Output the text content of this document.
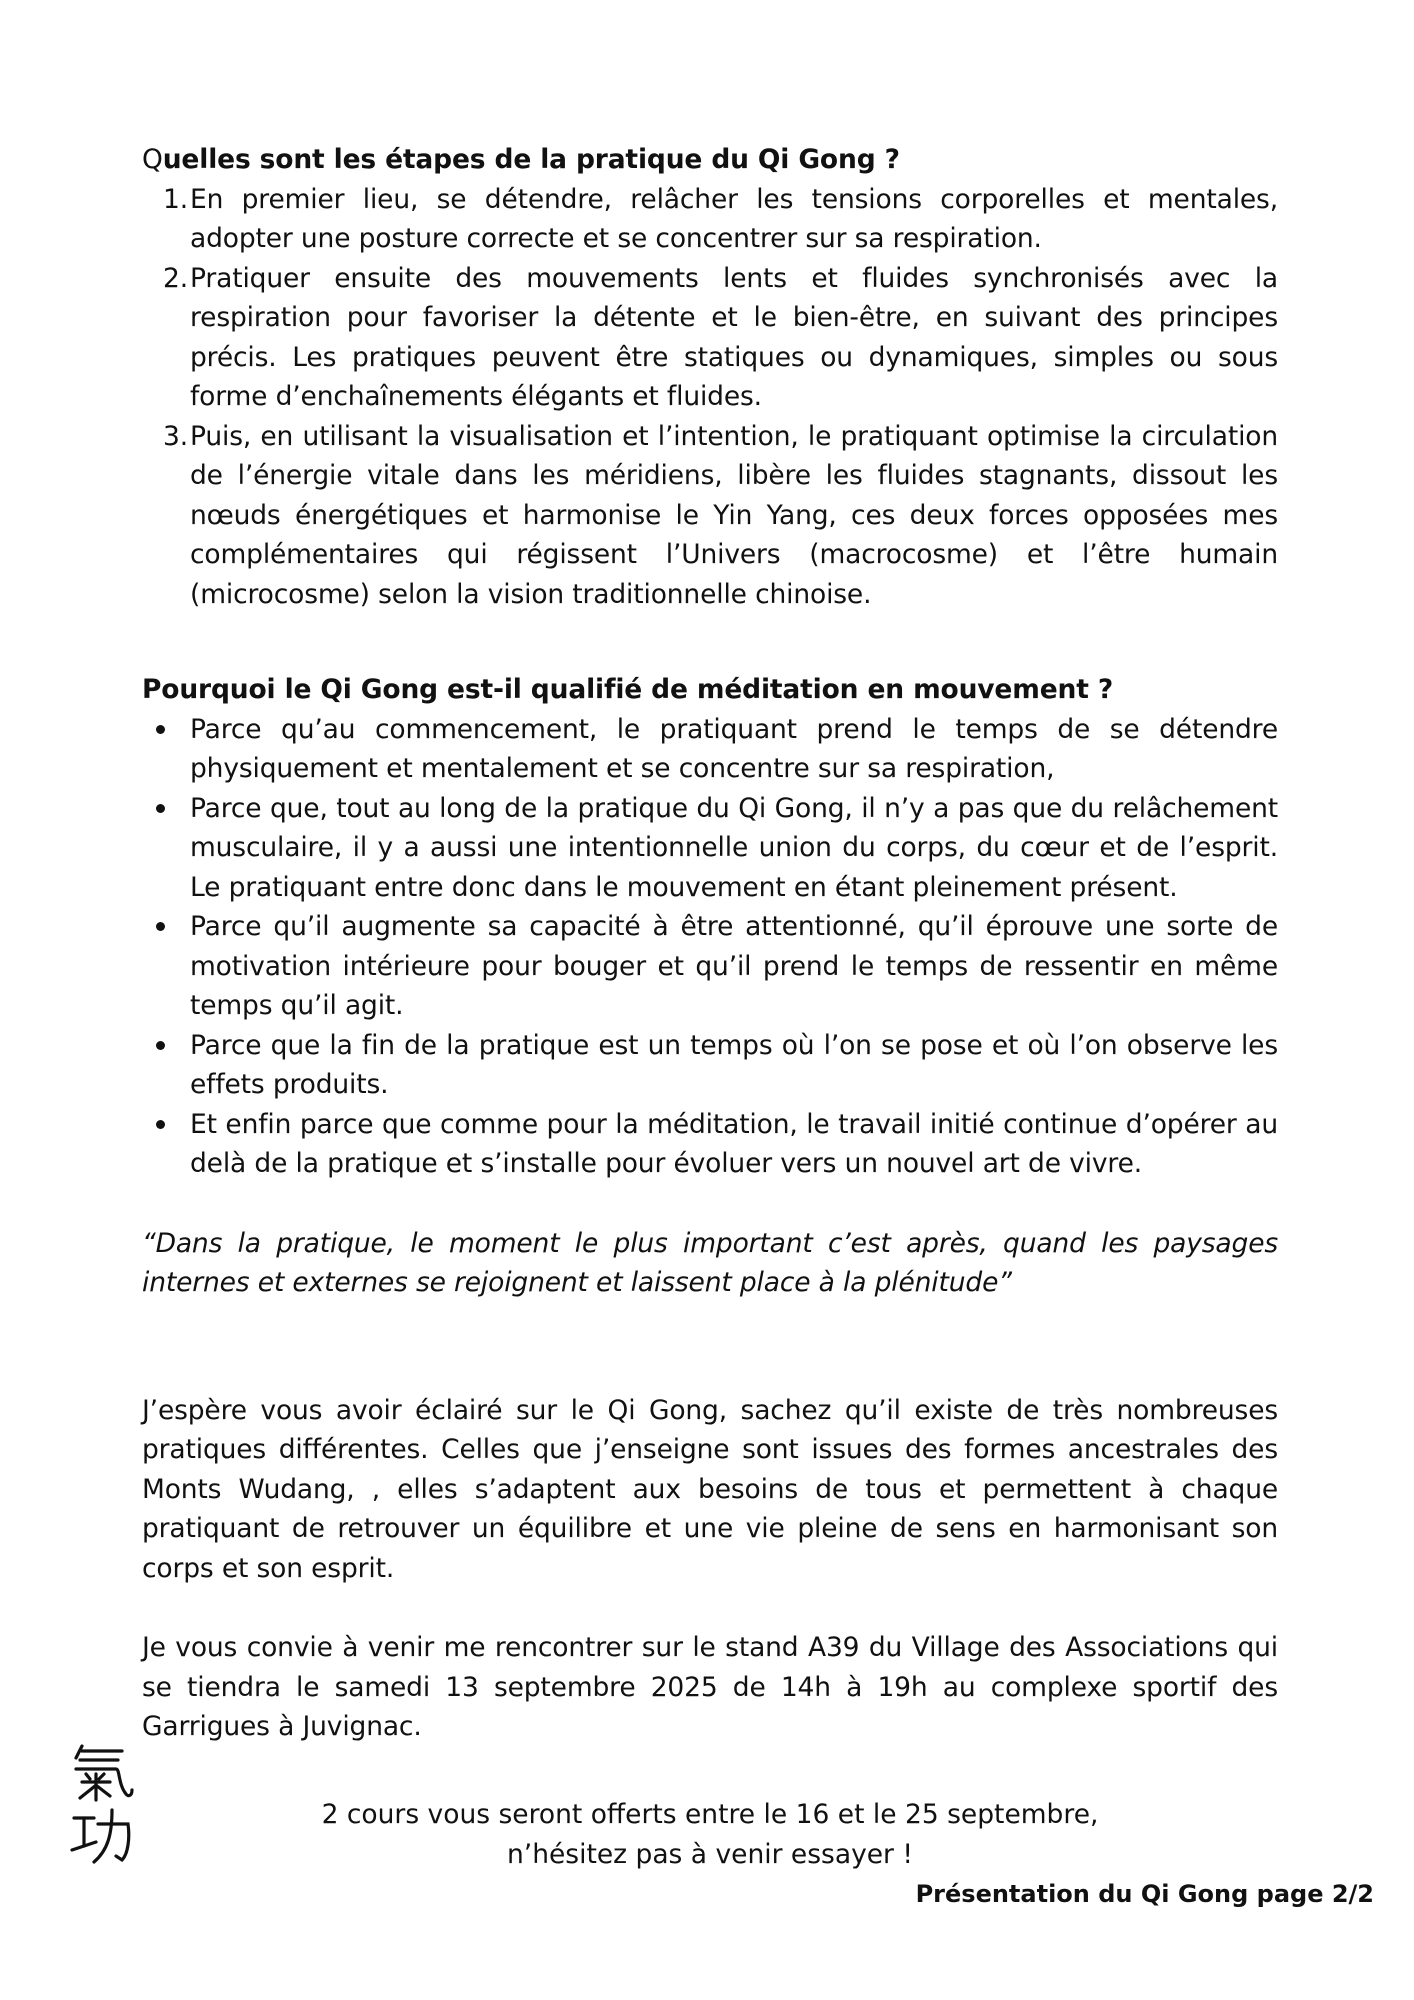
Quelles sont les étapes de la pratique du Qi Gong ?
1. En premier lieu, se détendre, relâcher les tensions corporelles et mentales, adopter une posture correcte et se concentrer sur sa respiration.
2. Pratiquer ensuite des mouvements lents et fluides synchronisés avec la respiration pour favoriser la détente et le bien-être, en suivant des principes précis. Les pratiques peuvent être statiques ou dynamiques, simples ou sous forme d’enchaînements élégants et fluides.
3. Puis, en utilisant la visualisation et l’intention, le pratiquant optimise la circulation de l’énergie vitale dans les méridiens, libère les fluides stagnants, dissout les nœuds énergétiques et harmonise le Yin Yang, ces deux forces opposées mes complémentaires qui régissent l’Univers (macrocosme) et l’être humain (microcosme) selon la vision traditionnelle chinoise.
Pourquoi le Qi Gong est-il qualifié de méditation en mouvement ?
Parce qu’au commencement, le pratiquant prend le temps de se détendre physiquement et mentalement et se concentre sur sa respiration,
Parce que, tout au long de la pratique du Qi Gong, il n’y a pas que du relâchement musculaire, il y a aussi une intentionnelle union du corps, du cœur et de l’esprit. Le pratiquant entre donc dans le mouvement en étant pleinement présent.
Parce qu’il augmente sa capacité à être attentionné, qu’il éprouve une sorte de motivation intérieure pour bouger et qu’il prend le temps de ressentir en même temps qu’il agit.
Parce que la fin de la pratique est un temps où l’on se pose et où l’on observe les effets produits.
Et enfin parce que comme pour la méditation, le travail initié continue d’opérer au delà de la pratique et s’installe pour évoluer vers un nouvel art de vivre.

“Dans la pratique, le moment le plus important c’est après, quand les paysages internes et externes se rejoignent et laissent place à la plénitude”

J’espère vous avoir éclairé sur le Qi Gong, sachez qu’il existe de très nombreuses pratiques différentes. Celles que j’enseigne sont issues des formes ancestrales des Monts Wudang, , elles s’adaptent aux besoins de tous et permettent à chaque pratiquant de retrouver un équilibre et une vie pleine de sens en harmonisant son corps et son esprit.

Je vous convie à venir me rencontrer sur le stand A39 du Village des Associations qui se tiendra le samedi 13 septembre 2025 de 14h à 19h au complexe sportif des Garrigues à Juvignac.

2 cours vous seront offerts entre le 16 et le 25 septembre,
n’hésitez pas à venir essayer !
Présentation du Qi Gong page 2/2
